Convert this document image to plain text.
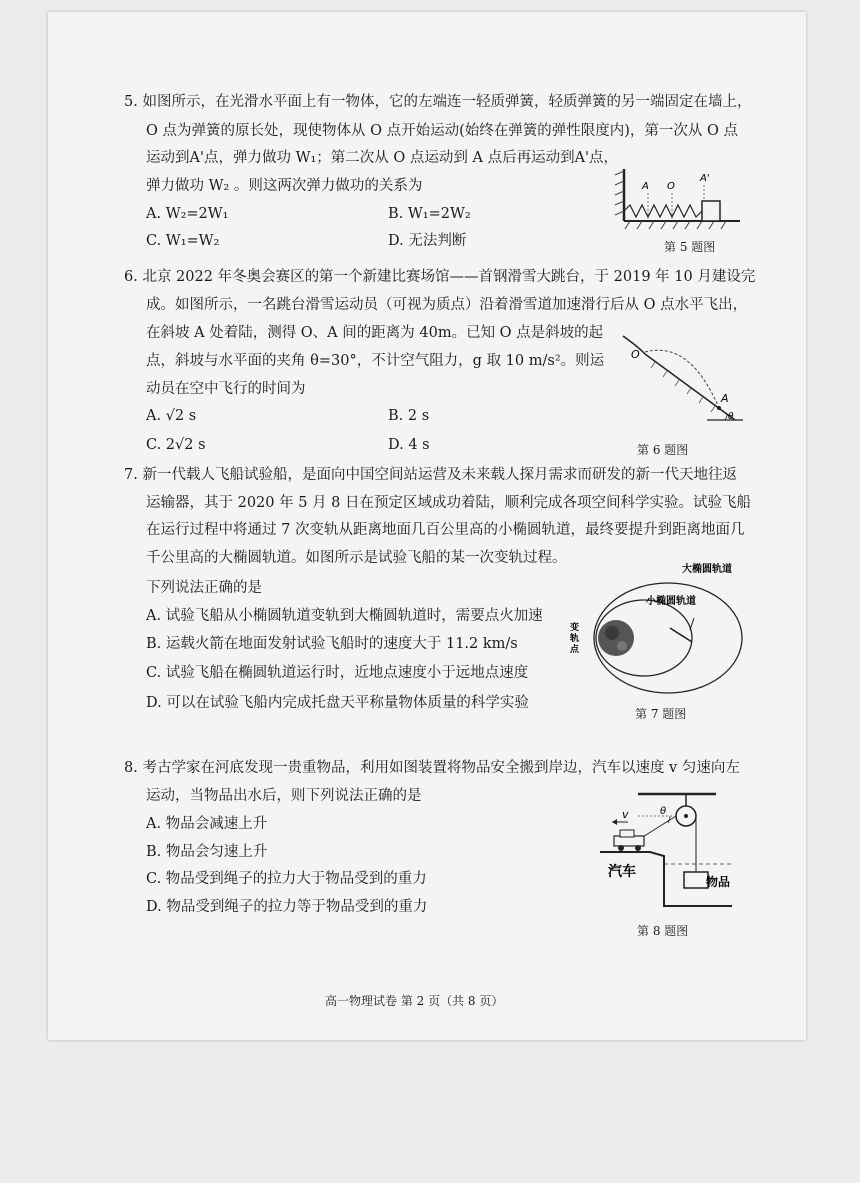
5. 如图所示，在光滑水平面上有一物体，它的左端连一轻质弹簧，轻质弹簧的另一端固定在墙上，
O 点为弹簧的原长处，现使物体从 O 点开始运动(始终在弹簧的弹性限度内)，第一次从 O 点
运动到A'点，弹力做功 W₁；第二次从 O 点运动到 A 点后再运动到A'点，
弹力做功 W₂ 。则这两次弹力做功的关系为
A. W₂=2W₁	B. W₁=2W₂
C. W₁=W₂	D. 无法判断
A O
A'
第 5 题图
6. 北京 2022 年冬奥会赛区的第一个新建比赛场馆——首钢滑雪大跳台，于 2019 年 10 月建设完
成。如图所示，一名跳台滑雪运动员（可视为质点）沿着滑雪道加速滑行后从 O 点水平飞出，
在斜坡 A 处着陆，测得 O、A 间的距离为 40m。已知 O 点是斜坡的起
点，斜坡与水平面的夹角 θ=30°，不计空气阻力，g 取 10 m/s²。则运
动员在空中飞行的时间为
A. √2 s	B. 2 s
C. 2√2 s	D. 4 s
O
A
θ
第 6 题图
7. 新一代载人飞船试验船，是面向中国空间站运营及未来载人探月需求而研发的新一代天地往返
运输器，其于 2020 年 5 月 8 日在预定区域成功着陆，顺利完成各项空间科学实验。试验飞船
在运行过程中将通过 7 次变轨从距离地面几百公里高的小椭圆轨道，最终要提升到距离地面几
千公里高的大椭圆轨道。如图所示是试验飞船的某一次变轨过程。
下列说法正确的是
A. 试验飞船从小椭圆轨道变轨到大椭圆轨道时，需要点火加速
B. 运载火箭在地面发射试验飞船时的速度大于 11.2 km/s
C. 试验飞船在椭圆轨道运行时，近地点速度小于远地点速度
D. 可以在试验飞船内完成托盘天平称量物体质量的科学实验
大椭圆轨道
小椭圆轨道
变轨点
第 7 题图
8. 考古学家在河底发现一贵重物品，利用如图装置将物品安全搬到岸边，汽车以速度 v 匀速向左
运动，当物品出水后，则下列说法正确的是
A. 物品会减速上升
B. 物品会匀速上升
C. 物品受到绳子的拉力大于物品受到的重力
D. 物品受到绳子的拉力等于物品受到的重力
v	θ
汽车
物品
第 8 题图
高一物理试卷 第 2 页（共 8 页）
